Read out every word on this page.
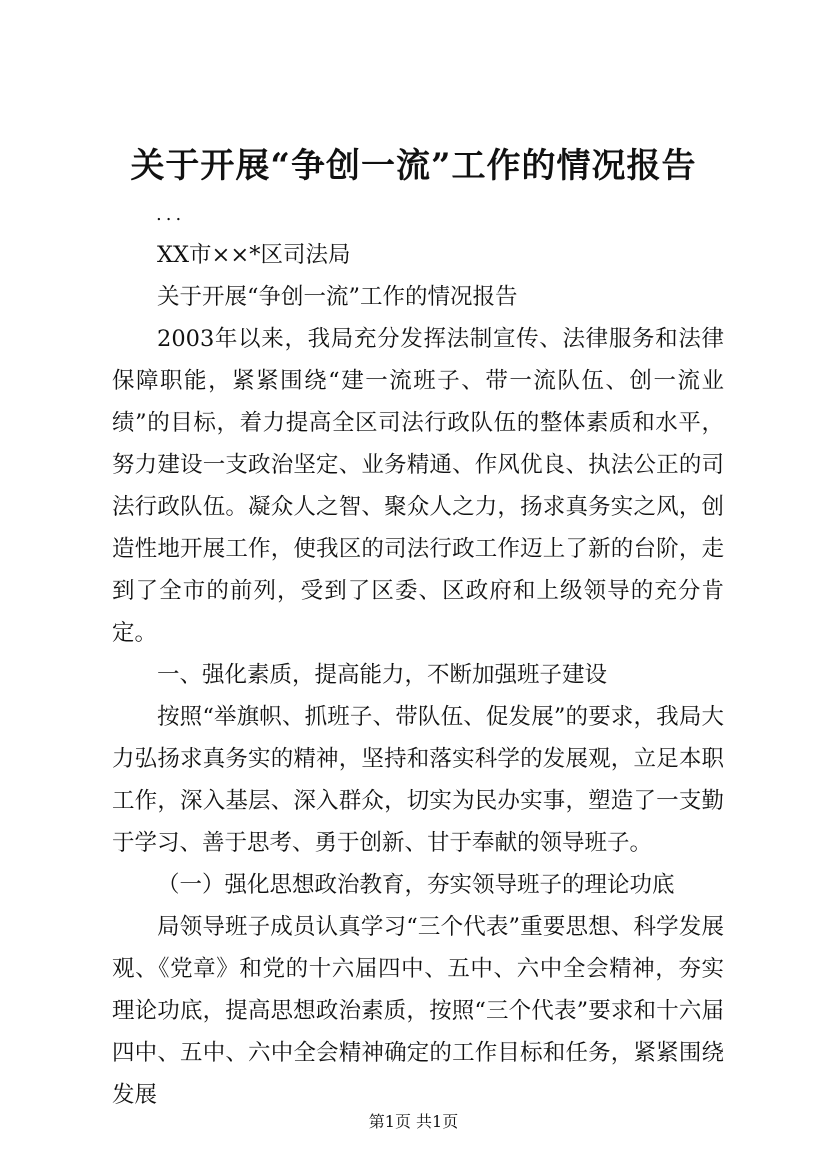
关于开展“争创一流”工作的情况报告
...

XX市××*区司法局

关于开展“争创一流”工作的情况报告

2003年以来，我局充分发挥法制宣传、法律服务和法律保障职能，紧紧围绕“建一流班子、带一流队伍、创一流业绩”的目标，着力提高全区司法行政队伍的整体素质和水平，努力建设一支政治坚定、业务精通、作风优良、执法公正的司法行政队伍。凝众人之智、聚众人之力，扬求真务实之风，创造性地开展工作，使我区的司法行政工作迈上了新的台阶，走到了全市的前列，受到了区委、区政府和上级领导的充分肯定。

一、强化素质，提高能力，不断加强班子建设

按照“举旗帜、抓班子、带队伍、促发展”的要求，我局大力弘扬求真务实的精神，坚持和落实科学的发展观，立足本职工作，深入基层、深入群众，切实为民办实事，塑造了一支勤于学习、善于思考、勇于创新、甘于奉献的领导班子。

（一）强化思想政治教育，夯实领导班子的理论功底

局领导班子成员认真学习“三个代表”重要思想、科学发展观、《党章》和党的十六届四中、五中、六中全会精神，夯实理论功底，提高思想政治素质，按照“三个代表”要求和十六届四中、五中、六中全会精神确定的工作目标和任务，紧紧围绕发展

第1页 共1页
